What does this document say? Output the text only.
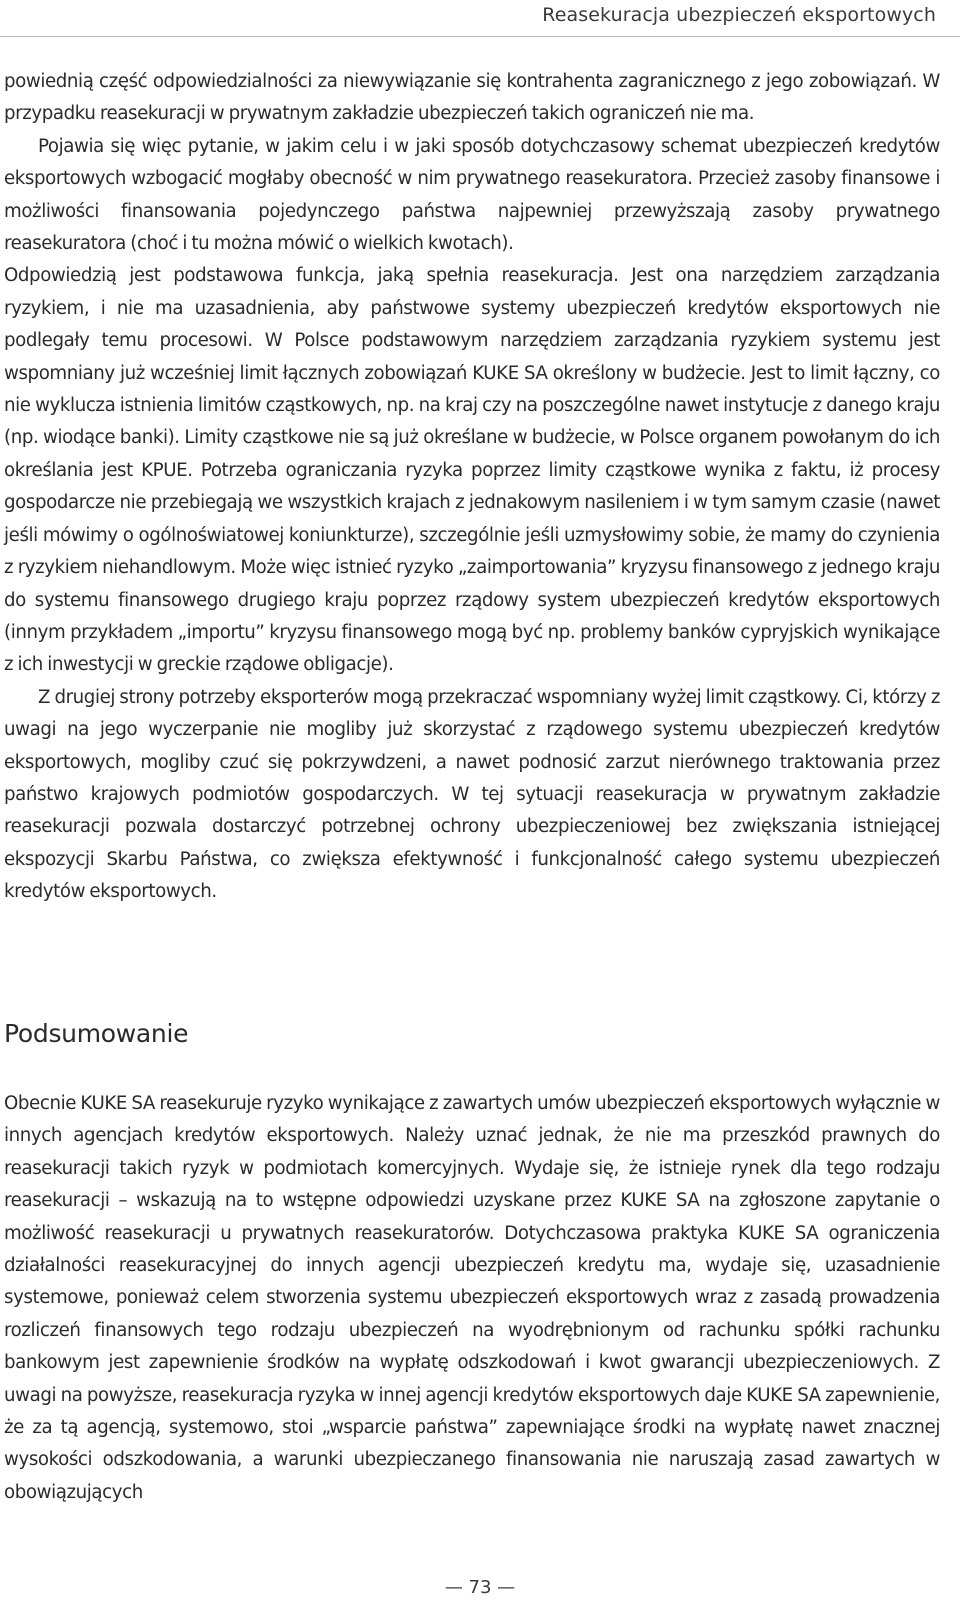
Reasekuracja ubezpieczeń eksportowych

powiednią część odpowiedzialności za niewywiązanie się kontrahenta zagranicznego z jego zobowiązań. W przypadku reasekuracji w prywatnym zakładzie ubezpieczeń takich ograniczeń nie ma.

Pojawia się więc pytanie, w jakim celu i w jaki sposób dotychczasowy schemat ubezpieczeń kredytów eksportowych wzbogacić mogłaby obecność w nim prywatnego reasekuratora. Przecież zasoby finansowe i możliwości finansowania pojedynczego państwa najpewniej przewyższają zasoby prywatnego reasekuratora (choć i tu można mówić o wielkich kwotach).

Odpowiedzią jest podstawowa funkcja, jaką spełnia reasekuracja. Jest ona narzędziem zarządzania ryzykiem, i nie ma uzasadnienia, aby państwowe systemy ubezpieczeń kredytów eksportowych nie podlegały temu procesowi. W Polsce podstawowym narzędziem zarządzania ryzykiem systemu jest wspomniany już wcześniej limit łącznych zobowiązań KUKE SA określony w budżecie. Jest to limit łączny, co nie wyklucza istnienia limitów cząstkowych, np. na kraj czy na poszczególne nawet instytucje z danego kraju (np. wiodące banki). Limity cząstkowe nie są już określane w budżecie, w Polsce organem powołanym do ich określania jest KPUE. Potrzeba ograniczania ryzyka poprzez limity cząstkowe wynika z faktu, iż procesy gospodarcze nie przebiegają we wszystkich krajach z jednakowym nasileniem i w tym samym czasie (nawet jeśli mówimy o ogólnoświatowej koniunkturze), szczególnie jeśli uzmysłowimy sobie, że mamy do czynienia z ryzykiem niehandlowym. Może więc istnieć ryzyko „zaimportowania” kryzysu finansowego z jednego kraju do systemu finansowego drugiego kraju poprzez rządowy system ubezpieczeń kredytów eksportowych (innym przykładem „importu” kryzysu finansowego mogą być np. problemy banków cypryjskich wynikające z ich inwestycji w greckie rządowe obligacje).

Z drugiej strony potrzeby eksporterów mogą przekraczać wspomniany wyżej limit cząstkowy. Ci, którzy z uwagi na jego wyczerpanie nie mogliby już skorzystać z rządowego systemu ubezpieczeń kredytów eksportowych, mogliby czuć się pokrzywdzeni, a nawet podnosić zarzut nierównego traktowania przez państwo krajowych podmiotów gospodarczych. W tej sytuacji reasekuracja w prywatnym zakładzie reasekuracji pozwala dostarczyć potrzebnej ochrony ubezpieczeniowej bez zwiększania istniejącej ekspozycji Skarbu Państwa, co zwiększa efektywność i funkcjonalność całego systemu ubezpieczeń kredytów eksportowych.

Podsumowanie

Obecnie KUKE SA reasekuruje ryzyko wynikające z zawartych umów ubezpieczeń eksportowych wyłącznie w innych agencjach kredytów eksportowych. Należy uznać jednak, że nie ma przeszkód prawnych do reasekuracji takich ryzyk w podmiotach komercyjnych. Wydaje się, że istnieje rynek dla tego rodzaju reasekuracji – wskazują na to wstępne odpowiedzi uzyskane przez KUKE SA na zgłoszone zapytanie o możliwość reasekuracji u prywatnych reasekuratorów. Dotychczasowa praktyka KUKE SA ograniczenia działalności reasekuracyjnej do innych agencji ubezpieczeń kredytu ma, wydaje się, uzasadnienie systemowe, ponieważ celem stworzenia systemu ubezpieczeń eksportowych wraz z zasadą prowadzenia rozliczeń finansowych tego rodzaju ubezpieczeń na wyodrębnionym od rachunku spółki rachunku bankowym jest zapewnienie środków na wypłatę odszkodowań i kwot gwarancji ubezpieczeniowych. Z uwagi na powyższe, reasekuracja ryzyka w innej agencji kredytów eksportowych daje KUKE SA zapewnienie, że za tą agencją, systemowo, stoi „wsparcie państwa” zapewniające środki na wypłatę nawet znacznej wysokości odszkodowania, a warunki ubezpieczanego finansowania nie naruszają zasad zawartych w obowiązujących

— 73 —
